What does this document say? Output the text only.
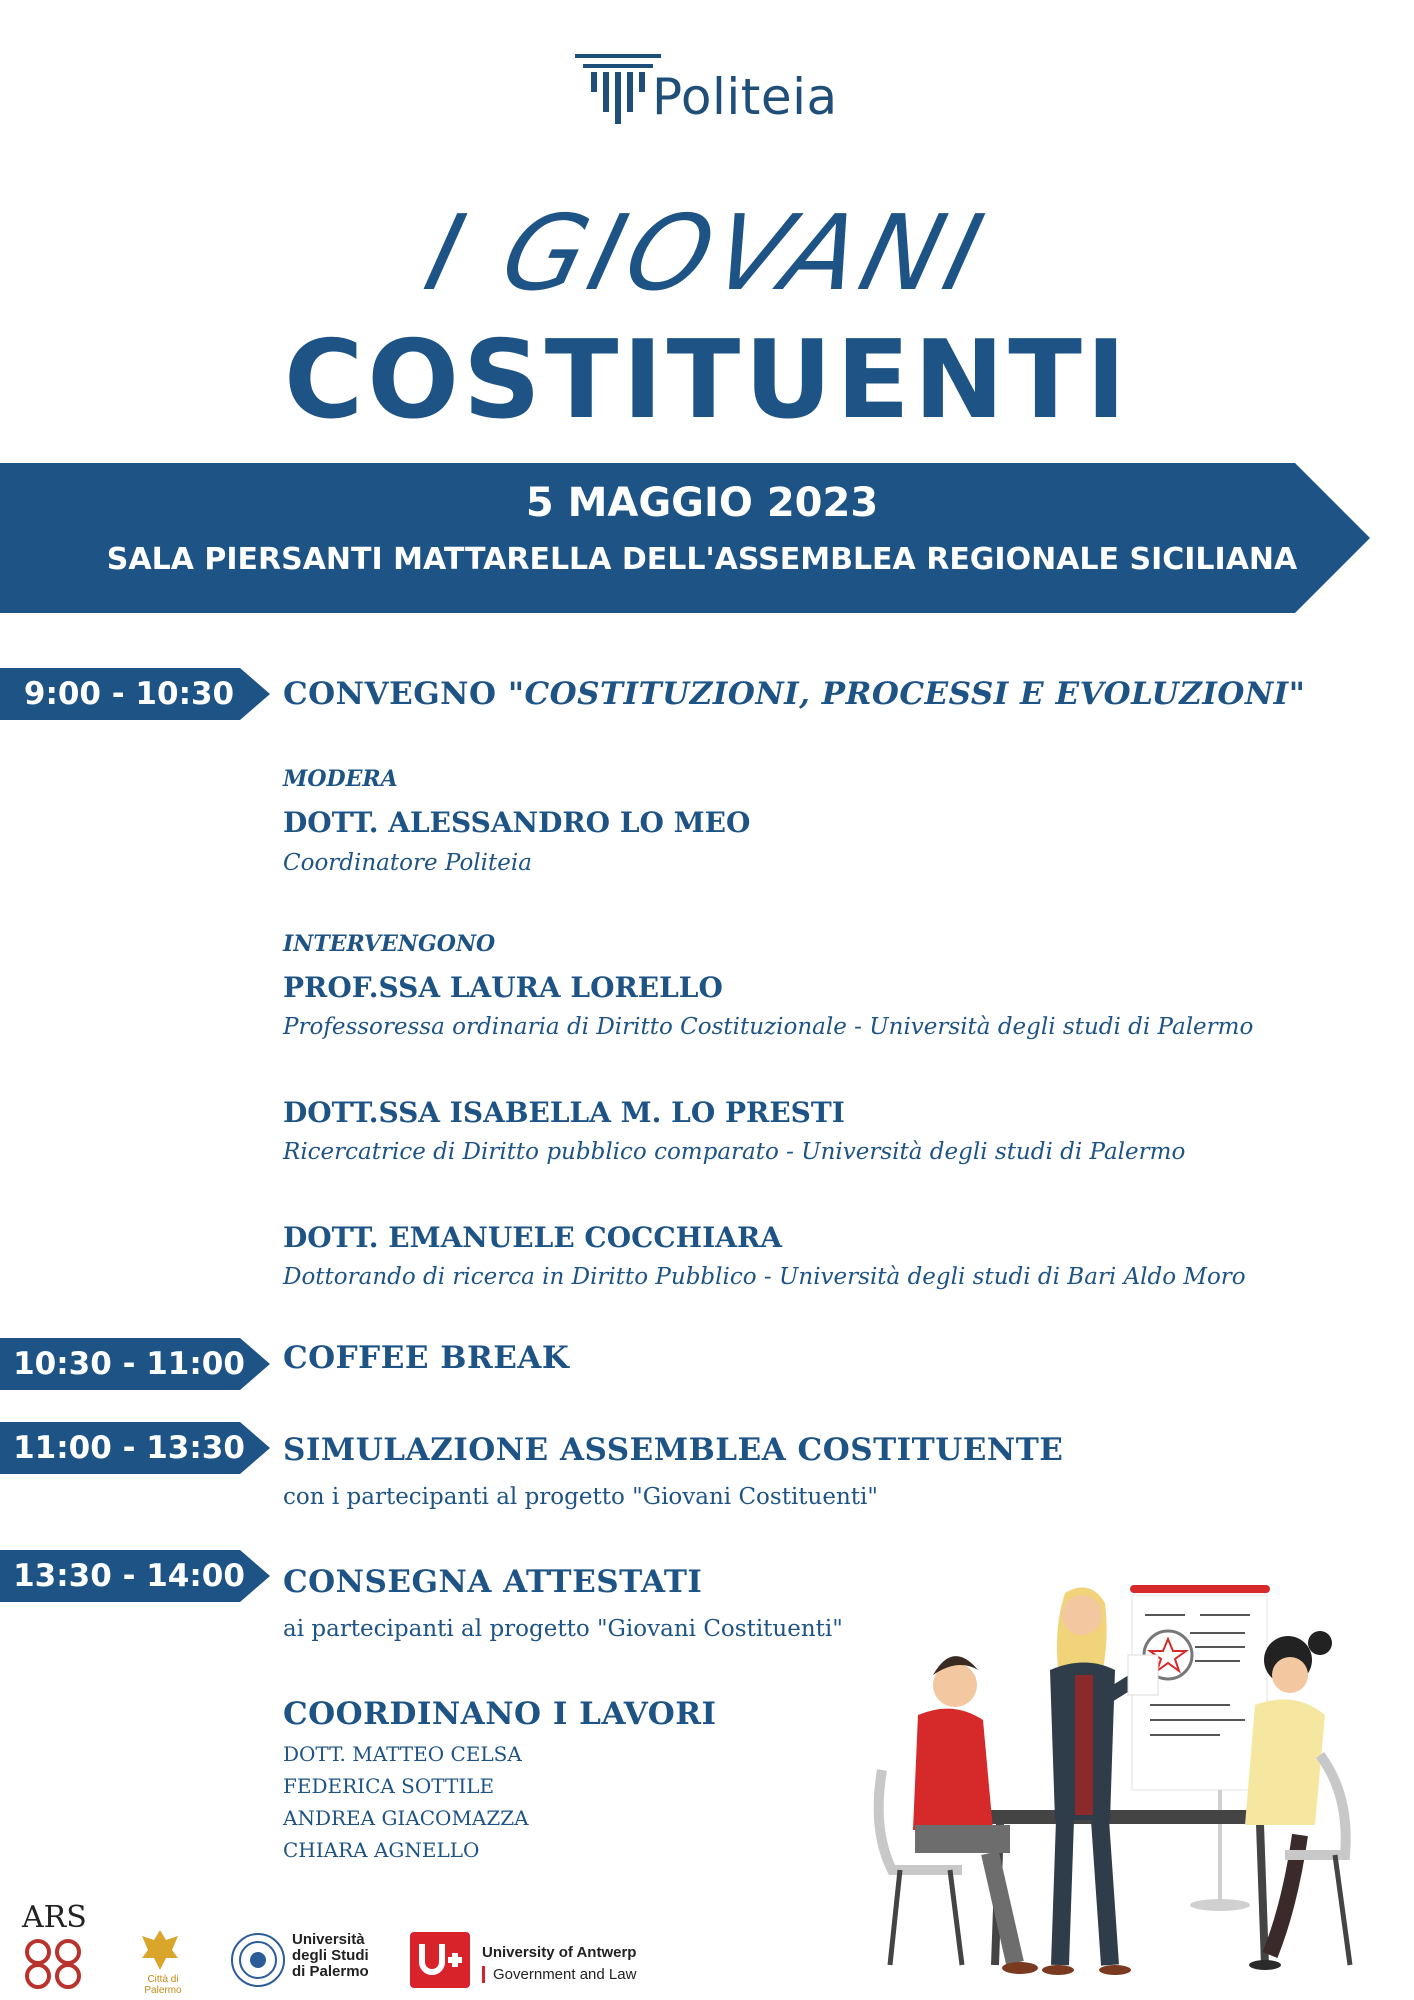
Politeia
I GIOVANI
COSTITUENTI
5 MAGGIO 2023
SALA PIERSANTI MATTARELLA DELL'ASSEMBLEA REGIONALE SICILIANA
9:00 - 10:30	CONVEGNO "COSTITUZIONI, PROCESSI E EVOLUZIONI"
MODERA
DOTT. ALESSANDRO LO MEO
Coordinatore Politeia
INTERVENGONO
PROF.SSA LAURA LORELLO
Professoressa ordinaria di Diritto Costituzionale - Università degli studi di Palermo
DOTT.SSA ISABELLA M. LO PRESTI
Ricercatrice di Diritto pubblico comparato - Università degli studi di Palermo
DOTT. EMANUELE COCCHIARA
Dottorando di ricerca in Diritto Pubblico - Università degli studi di Bari Aldo Moro
10:30 - 11:00	COFFEE BREAK
11:00 - 13:30	SIMULAZIONE ASSEMBLEA COSTITUENTE
con i partecipanti al progetto "Giovani Costituenti"
13:30 - 14:00	CONSEGNA ATTESTATI
ai partecipanti al progetto "Giovani Costituenti"
COORDINANO I LAVORI
DOTT. MATTEO CELSA
FEDERICA SOTTILE
ANDREA GIACOMAZZA
CHIARA AGNELLO
ARS
Città di Palermo
Università
degli Studi
di Palermo
University of Antwerp
Government and Law
